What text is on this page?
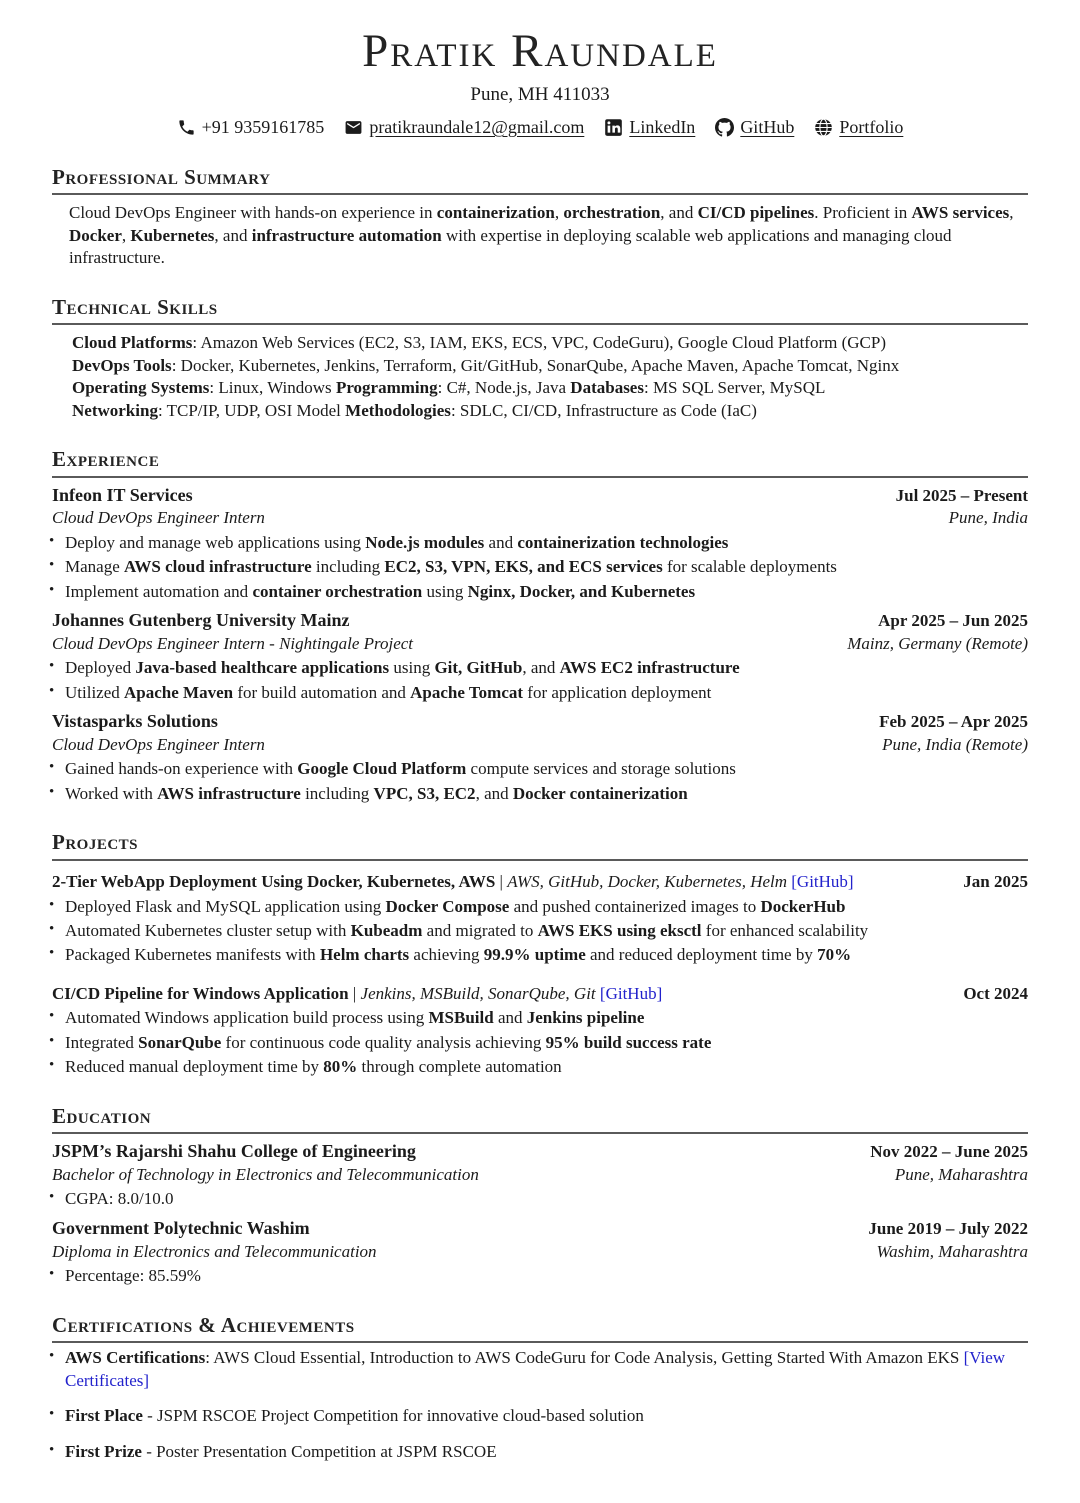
Pratik Raundale
Pune, MH 411033
+91 9359161785	pratikraundale12@gmail.com	LinkedIn	GitHub	Portfolio
Professional Summary

Cloud DevOps Engineer with hands-on experience in containerization, orchestration, and CI/CD pipelines. Proficient in AWS services, Docker, Kubernetes, and infrastructure automation with expertise in deploying scalable web applications and managing cloud infrastructure.

Technical Skills
Cloud Platforms: Amazon Web Services (EC2, S3, IAM, EKS, ECS, VPC, CodeGuru), Google Cloud Platform (GCP)
DevOps Tools: Docker, Kubernetes, Jenkins, Terraform, Git/GitHub, SonarQube, Apache Maven, Apache Tomcat, Nginx
Operating Systems: Linux, Windows Programming: C#, Node.js, Java Databases: MS SQL Server, MySQL
Networking: TCP/IP, UDP, OSI Model Methodologies: SDLC, CI/CD, Infrastructure as Code (IaC)
Experience
Infeon IT Services	Jul 2025 – Present
Cloud DevOps Engineer Intern	Pune, India
• Deploy and manage web applications using Node.js modules and containerization technologies
• Manage AWS cloud infrastructure including EC2, S3, VPN, EKS, and ECS services for scalable deployments
• Implement automation and container orchestration using Nginx, Docker, and Kubernetes
Johannes Gutenberg University Mainz	Apr 2025 – Jun 2025
Cloud DevOps Engineer Intern - Nightingale Project	Mainz, Germany (Remote)
• Deployed Java-based healthcare applications using Git, GitHub, and AWS EC2 infrastructure
• Utilized Apache Maven for build automation and Apache Tomcat for application deployment
Vistasparks Solutions	Feb 2025 – Apr 2025
Cloud DevOps Engineer Intern	Pune, India (Remote)
• Gained hands-on experience with Google Cloud Platform compute services and storage solutions
• Worked with AWS infrastructure including VPC, S3, EC2, and Docker containerization
Projects
2-Tier WebApp Deployment Using Docker, Kubernetes, AWS | AWS, GitHub, Docker, Kubernetes, Helm [GitHub]	Jan 2025
• Deployed Flask and MySQL application using Docker Compose and pushed containerized images to DockerHub
• Automated Kubernetes cluster setup with Kubeadm and migrated to AWS EKS using eksctl for enhanced scalability
• Packaged Kubernetes manifests with Helm charts achieving 99.9% uptime and reduced deployment time by 70%
CI/CD Pipeline for Windows Application | Jenkins, MSBuild, SonarQube, Git [GitHub]	Oct 2024
• Automated Windows application build process using MSBuild and Jenkins pipeline
• Integrated SonarQube for continuous code quality analysis achieving 95% build success rate
• Reduced manual deployment time by 80% through complete automation
Education
JSPM’s Rajarshi Shahu College of Engineering	Nov 2022 – June 2025
Bachelor of Technology in Electronics and Telecommunication	Pune, Maharashtra
• CGPA: 8.0/10.0
Government Polytechnic Washim	June 2019 – July 2022
Diploma in Electronics and Telecommunication	Washim, Maharashtra
• Percentage: 85.59%
Certifications & Achievements
• AWS Certifications: AWS Cloud Essential, Introduction to AWS CodeGuru for Code Analysis, Getting Started With Amazon EKS [View Certificates]
• First Place - JSPM RSCOE Project Competition for innovative cloud-based solution
• First Prize - Poster Presentation Competition at JSPM RSCOE
